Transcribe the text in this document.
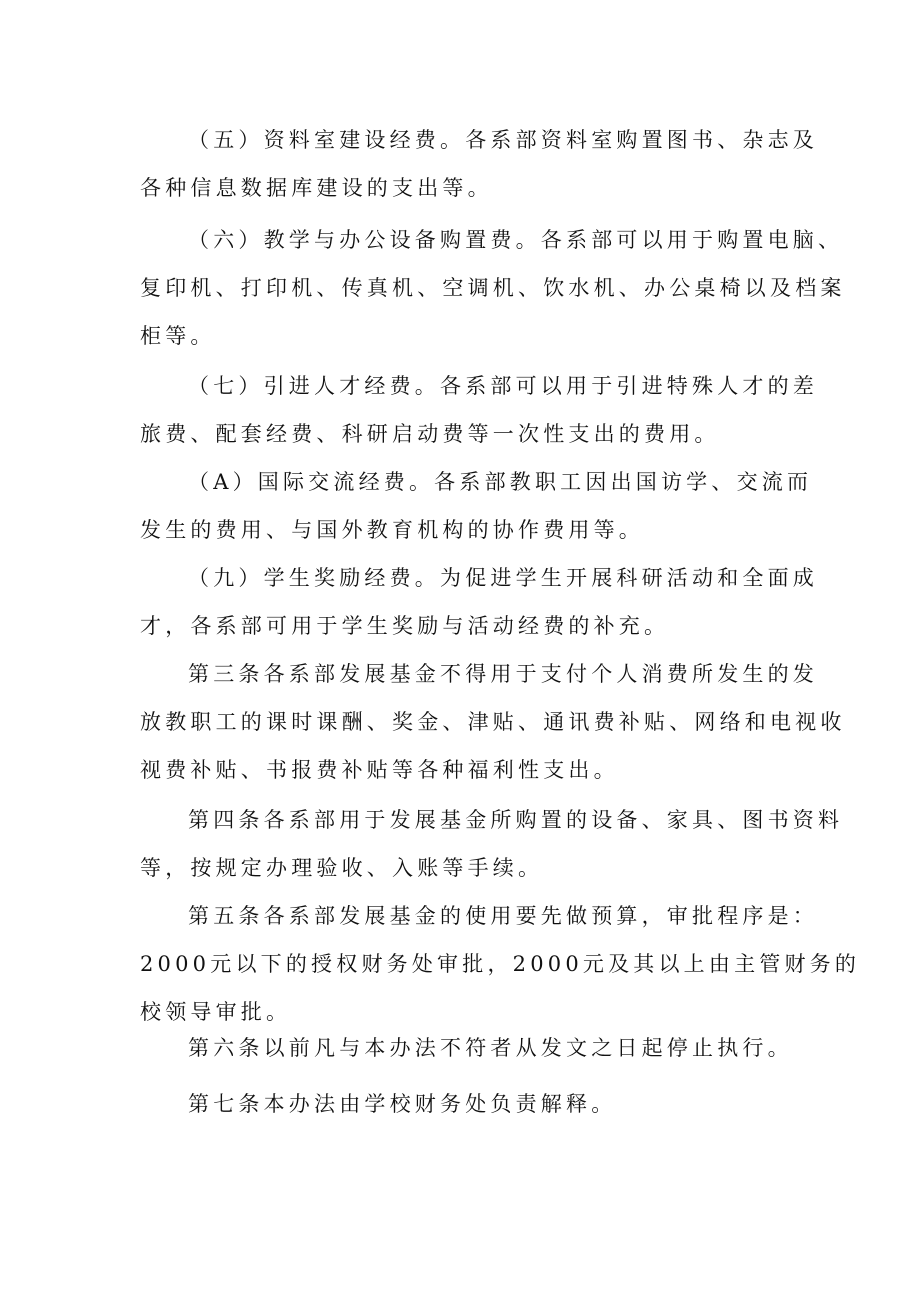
（五）资料室建设经费。各系部资料室购置图书、杂志及
各种信息数据库建设的支出等。
（六）教学与办公设备购置费。各系部可以用于购置电脑、
复印机、打印机、传真机、空调机、饮水机、办公桌椅以及档案
柜等。
（七）引进人才经费。各系部可以用于引进特殊人才的差
旅费、配套经费、科研启动费等一次性支出的费用。
（A）国际交流经费。各系部教职工因出国访学、交流而
发生的费用、与国外教育机构的协作费用等。
（九）学生奖励经费。为促进学生开展科研活动和全面成
才，各系部可用于学生奖励与活动经费的补充。
第三条各系部发展基金不得用于支付个人消费所发生的发
放教职工的课时课酬、奖金、津贴、通讯费补贴、网络和电视收
视费补贴、书报费补贴等各种福利性支出。
第四条各系部用于发展基金所购置的设备、家具、图书资料
等，按规定办理验收、入账等手续。
第五条各系部发展基金的使用要先做预算，审批程序是：
2000元以下的授权财务处审批，2000元及其以上由主管财务的
校领导审批。
第六条以前凡与本办法不符者从发文之日起停止执行。
第七条本办法由学校财务处负责解释。
